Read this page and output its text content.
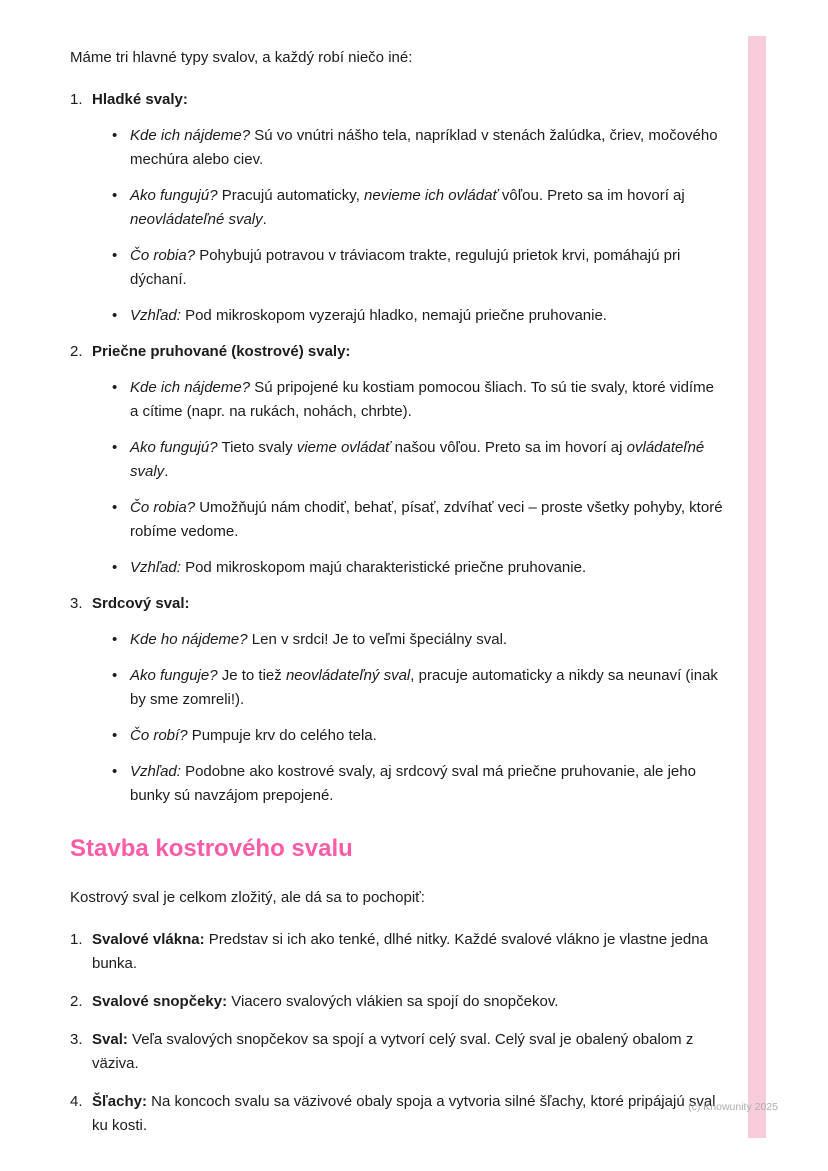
Máme tri hlavné typy svalov, a každý robí niečo iné:

1. Hladké svaly:

• Kde ich nájdeme? Sú vo vnútri nášho tela, napríklad v stenách žalúdka, čriev, močového mechúra alebo ciev.
• Ako fungujú? Pracujú automaticky, nevieme ich ovládať vôľou. Preto sa im hovorí aj neovládateľné svaly.
• Čo robia? Pohybujú potravou v tráviacom trakte, regulujú prietok krvi, pomáhajú pri dýchaní.
• Vzhľad: Pod mikroskopom vyzerajú hladko, nemajú priečne pruhovanie.

2. Priečne pruhované (kostrové) svaly:

• Kde ich nájdeme? Sú pripojené ku kostiam pomocou šliach. To sú tie svaly, ktoré vidíme a cítime (napr. na rukách, nohách, chrbte).
• Ako fungujú? Tieto svaly vieme ovládať našou vôľou. Preto sa im hovorí aj ovládateľné svaly.
• Čo robia? Umožňujú nám chodiť, behať, písať, zdvíhať veci – proste všetky pohyby, ktoré robíme vedome.
• Vzhľad: Pod mikroskopom majú charakteristické priečne pruhovanie.

3. Srdcový sval:

• Kde ho nájdeme? Len v srdci! Je to veľmi špeciálny sval.
• Ako funguje? Je to tiež neovládateľný sval, pracuje automaticky a nikdy sa neunaví (inak by sme zomreli!).
• Čo robí? Pumpuje krv do celého tela.
• Vzhľad: Podobne ako kostrové svaly, aj srdcový sval má priečne pruhovanie, ale jeho bunky sú navzájom prepojené.
Stavba kostrového svalu

Kostrový sval je celkom zložitý, ale dá sa to pochopiť:

1. Svalové vlákna: Predstav si ich ako tenké, dlhé nitky. Každé svalové vlákno je vlastne jedna bunka.

2. Svalové snopčeky: Viacero svalových vlákien sa spojí do snopčekov.

3. Sval: Veľa svalových snopčekov sa spojí a vytvorí celý sval. Celý sval je obalený obalom z väziva.

4. Šľachy: Na koncoch svalu sa väzivové obaly spoja a vytvoria silné šľachy, ktoré pripájajú sval ku kosti.

(c) Knowunity 2025
